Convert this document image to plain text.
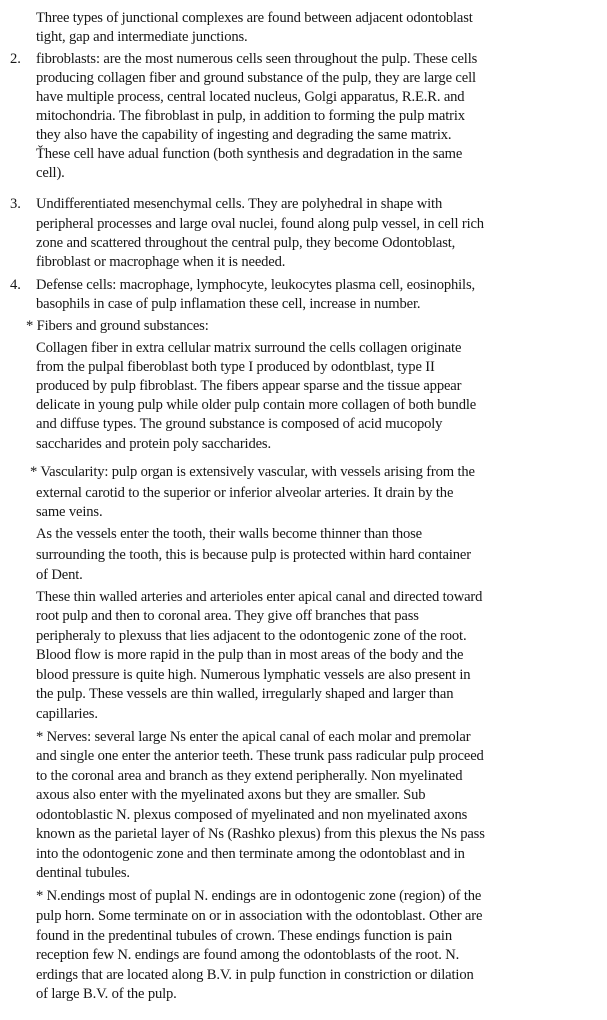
Three types of junctional complexes are found between adjacent odontoblast
tight, gap and intermediate junctions.
2. fibroblasts: are the most numerous cells seen throughout the pulp. These cells
producing collagen fiber and ground substance of the pulp, they are large cell
have multiple process, central located nucleus, Golgi apparatus, R.E.R. and
mitochondria. The fibroblast in pulp, in addition to forming the pulp matrix
they also have the capability of ingesting and degrading the same matrix.
Ťhese cell have adual function (both synthesis and degradation in the same
cell).
3. Undifferentiated mesenchymal cells. They are polyhedral in shape with
peripheral processes and large oval nuclei, found along pulp vessel, in cell rich
zone and scattered throughout the central pulp, they become Odontoblast,
fibroblast or macrophage when it is needed.
4. Defense cells: macrophage, lymphocyte, leukocytes plasma cell, eosinophils,
basophils in case of pulp inflamation these cell, increase in number.
* Fibers and ground substances:
Collagen fiber in extra cellular matrix surround the cells collagen originate
from the pulpal fiberoblast both type I produced by odontblast, type II
produced by pulp fibroblast. The fibers appear sparse and the tissue appear
delicate in young pulp while older pulp contain more collagen of both bundle
and diffuse types. The ground substance is composed of acid mucopoly
saccharides and protein poly saccharides.
* Vascularity: pulp organ is extensively vascular, with vessels arising from the
external carotid to the superior or inferior alveolar arteries. It drain by the
same veins.
As the vessels enter the tooth, their walls become thinner than those
surrounding the tooth, this is because pulp is protected within hard container
of Dent.
These thin walled arteries and arterioles enter apical canal and directed toward
root pulp and then to coronal area. They give off branches that pass
peripheraly to plexuss that lies adjacent to the odontogenic zone of the root.
Blood flow is more rapid in the pulp than in most areas of the body and the
blood pressure is quite high. Numerous lymphatic vessels are also present in
the pulp. These vessels are thin walled, irregularly shaped and larger than
capillaries.
* Nerves: several large Ns enter the apical canal of each molar and premolar
and single one enter the anterior teeth. These trunk pass radicular pulp proceed
to the coronal area and branch as they extend peripherally. Non myelinated
axous also enter with the myelinated axons but they are smaller. Sub
odontoblastic N. plexus composed of myelinated and non myelinated axons
known as the parietal layer of Ns (Rashko plexus) from this plexus the Ns pass
into the odontogenic zone and then terminate among the odontoblast and in
dentinal tubules.
* N.endings most of puplal N. endings are in odontogenic zone (region) of the
pulp horn. Some terminate on or in association with the odontoblast. Other are
found in the predentinal tubules of crown. These endings function is pain
reception few N. endings are found among the odontoblasts of the root. N.
erdings that are located along B.V. in pulp function in constriction or dilation
of large B.V. of the pulp.
